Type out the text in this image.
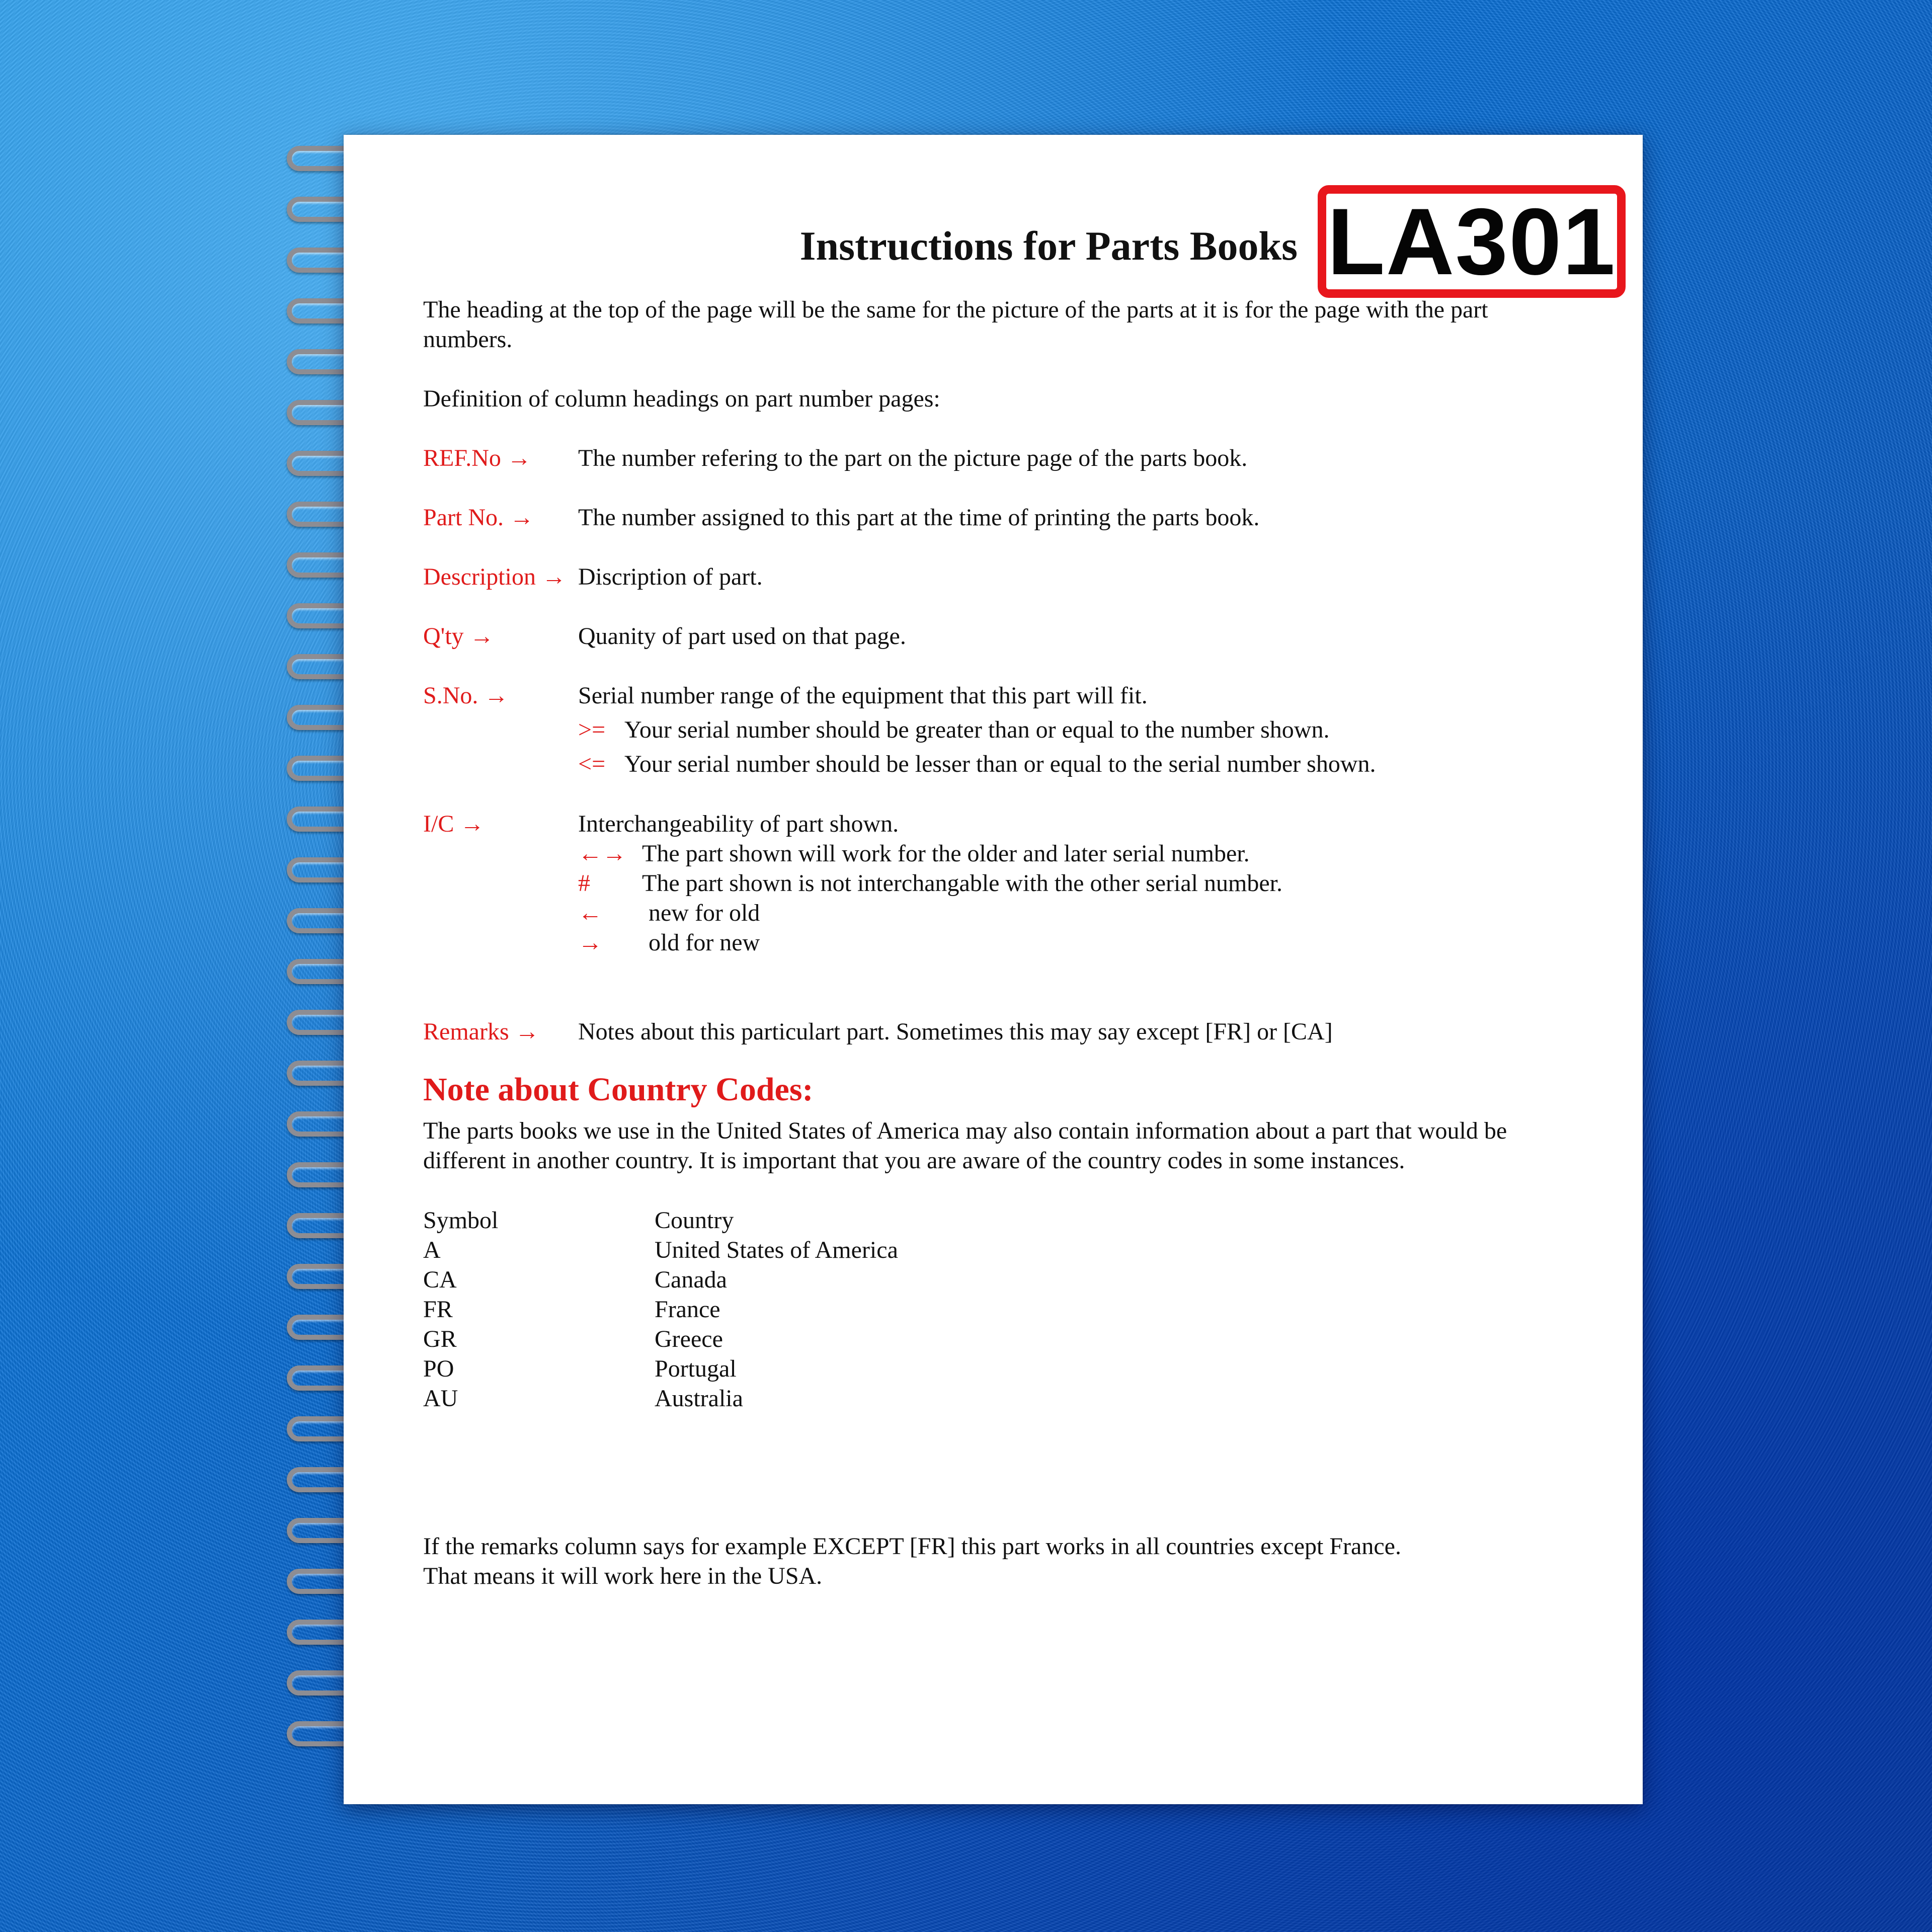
Instructions for Parts Books LA301
The heading at the top of the page will be the same for the picture of the parts at it is for the page with the part
numbers.
Definition of column headings on part number pages:
REF.No → The number refering to the part on the picture page of the parts book.
Part No. → The number assigned to this part at the time of printing the parts book.
Description → Discription of part.
Q'ty →	Quanity of part used on that page.
S.No. →	Serial number range of the equipment that this part will fit.
>= Your serial number should be greater than or equal to the number shown.
<= Your serial number should be lesser than or equal to the serial number shown.
I/C →	Interchangeability of part shown.
←→ The part shown will work for the older and later serial number.
# The part shown is not interchangable with the other serial number.
← new for old
→ old for new
Remarks → Notes about this particulart part. Sometimes this may say except [FR] or [CA]
Note about Country Codes:
The parts books we use in the United States of America may also contain information about a part that would be
different in another country. It is important that you are aware of the country codes in some instances.
Symbol	Country
A	United States of America
CA	Canada
FR	France
GR	Greece
PO	Portugal
AU	Australia
If the remarks column says for example EXCEPT [FR] this part works in all countries except France.
That means it will work here in the USA.
